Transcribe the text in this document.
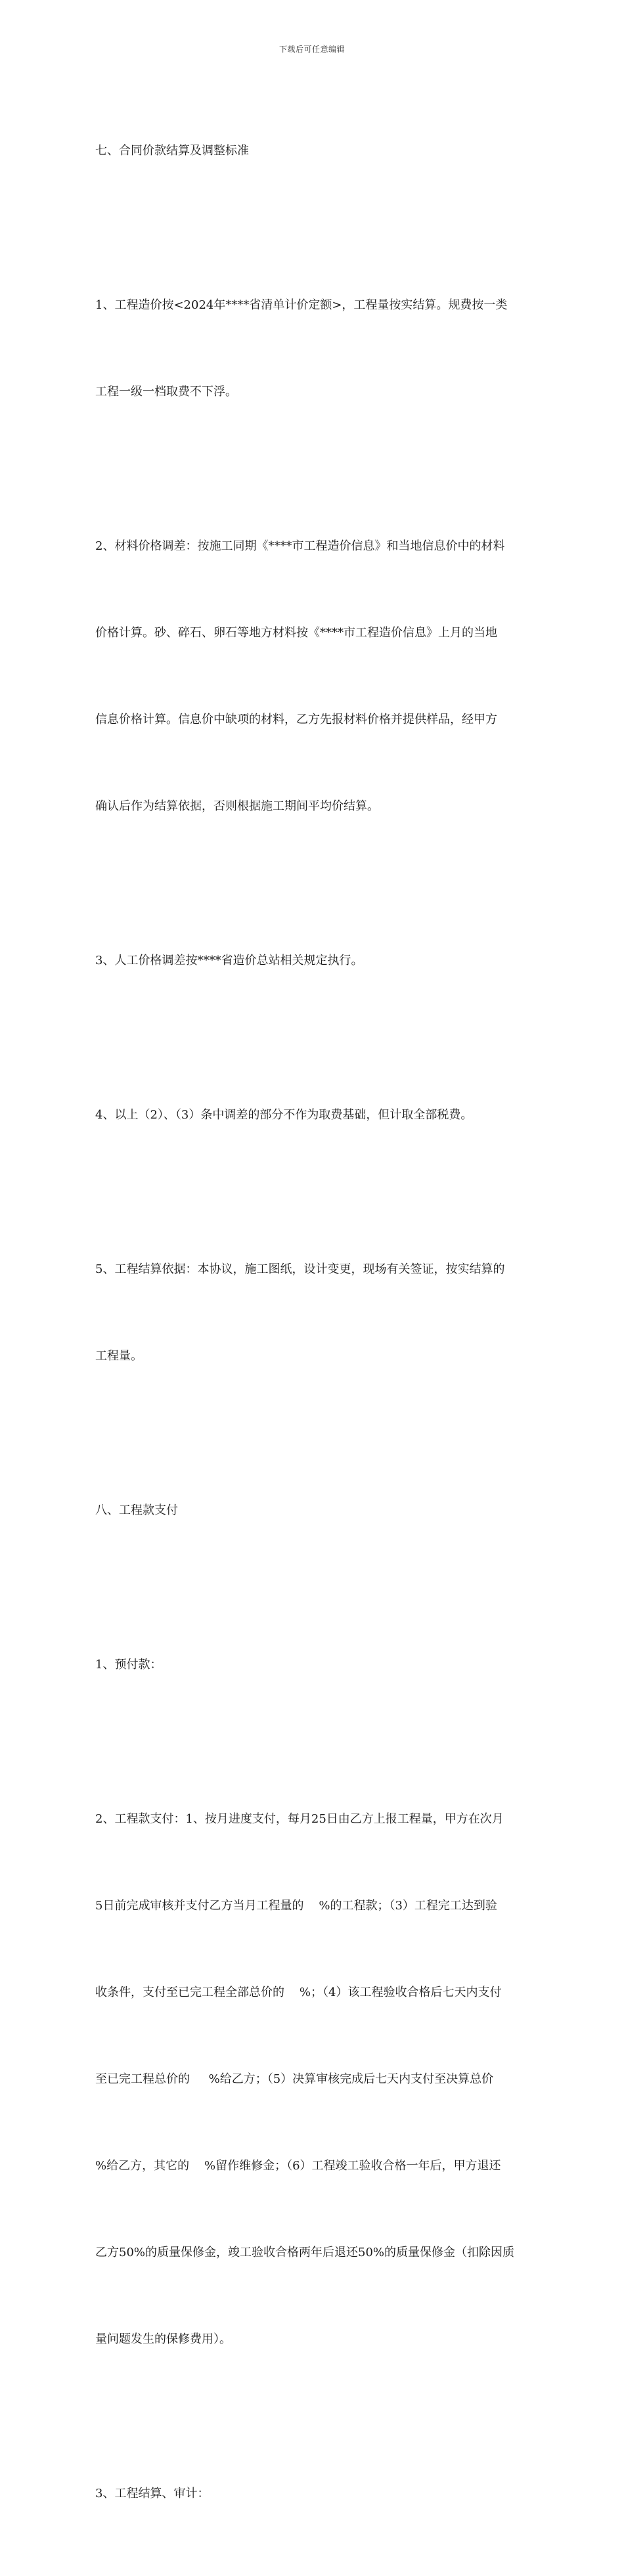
下载后可任意编辑

七、合同价款结算及调整标准

1、工程造价按<2024年****省清单计价定额>，工程量按实结算。规费按一类

工程一级一档取费不下浮。

2、材料价格调差：按施工同期《****市工程造价信息》和当地信息价中的材料

价格计算。砂、碎石、卵石等地方材料按《****市工程造价信息》上月的当地

信息价格计算。信息价中缺项的材料，乙方先报材料价格并提供样品，经甲方

确认后作为结算依据，否则根据施工期间平均价结算。

3、人工价格调差按****省造价总站相关规定执行。

4、以上（2）、（3）条中调差的部分不作为取费基础，但计取全部税费。

5、工程结算依据：本协议，施工图纸，设计变更，现场有关签证，按实结算的

工程量。

八、工程款支付

1、预付款：

2、工程款支付：1、按月进度支付，每月25日由乙方上报工程量，甲方在次月

5日前完成审核并支付乙方当月工程量的    %的工程款；（3）工程完工达到验

收条件，支付至已完工程全部总价的    %；（4）该工程验收合格后七天内支付

至已完工程总价的     %给乙方；（5）决算审核完成后七天内支付至决算总价

%给乙方，其它的    %留作维修金；（6）工程竣工验收合格一年后，甲方退还

乙方50%的质量保修金，竣工验收合格两年后退还50%的质量保修金（扣除因质

量问题发生的保修费用）。

3、工程结算、审计：
